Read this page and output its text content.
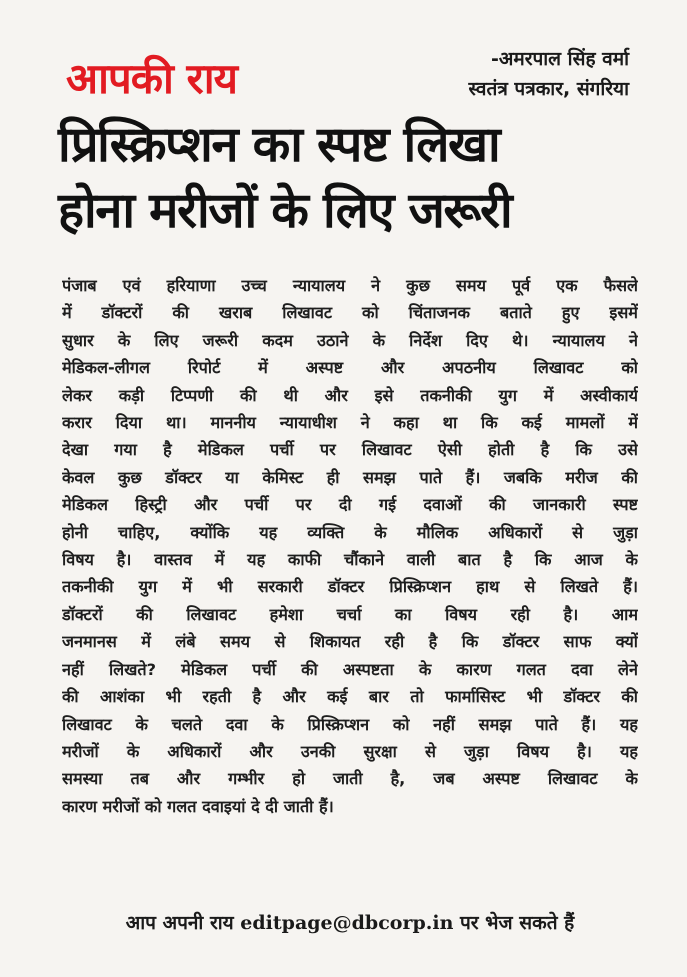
आपकी राय	-अमरपाल सिंह वर्मा
स्वतंत्र पत्रकार, संगरिया
प्रिस्क्रिप्शन का स्पष्ट लिखा
होना मरीजों के लिए जरूरी
पंजाब एवं हरियाणा उच्च न्यायालय ने कुछ समय पूर्व एक फैसले
में डॉक्टरों की खराब लिखावट को चिंताजनक बताते हुए इसमें
सुधार के लिए जरूरी कदम उठाने के निर्देश दिए थे। न्यायालय ने
मेडिकल-लीगल रिपोर्ट में अस्पष्ट और अपठनीय लिखावट को
लेकर कड़ी टिप्पणी की थी और इसे तकनीकी युग में अस्वीकार्य
करार दिया था। माननीय न्यायाधीश ने कहा था कि कई मामलों में
देखा गया है मेडिकल पर्ची पर लिखावट ऐसी होती है कि उसे
केवल कुछ डॉक्टर या केमिस्ट ही समझ पाते हैं। जबकि मरीज की
मेडिकल हिस्ट्री और पर्ची पर दी गई दवाओं की जानकारी स्पष्ट
होनी चाहिए, क्योंकि यह व्यक्ति के मौलिक अधिकारों से जुड़ा
विषय है। वास्तव में यह काफी चौंकाने वाली बात है कि आज के
तकनीकी युग में भी सरकारी डॉक्टर प्रिस्क्रिप्शन हाथ से लिखते हैं।
डॉक्टरों की लिखावट हमेशा चर्चा का विषय रही है। आम
जनमानस में लंबे समय से शिकायत रही है कि डॉक्टर साफ क्यों
नहीं लिखते? मेडिकल पर्ची की अस्पष्टता के कारण गलत दवा लेने
की आशंका भी रहती है और कई बार तो फार्मासिस्ट भी डॉक्टर की
लिखावट के चलते दवा के प्रिस्क्रिप्शन को नहीं समझ पाते हैं। यह
मरीजों के अधिकारों और उनकी सुरक्षा से जुड़ा विषय है। यह
समस्या तब और गम्भीर हो जाती है, जब अस्पष्ट लिखावट के
कारण मरीजों को गलत दवाइयां दे दी जाती हैं।
आप अपनी राय editpage@dbcorp.in पर भेज सकते हैं
